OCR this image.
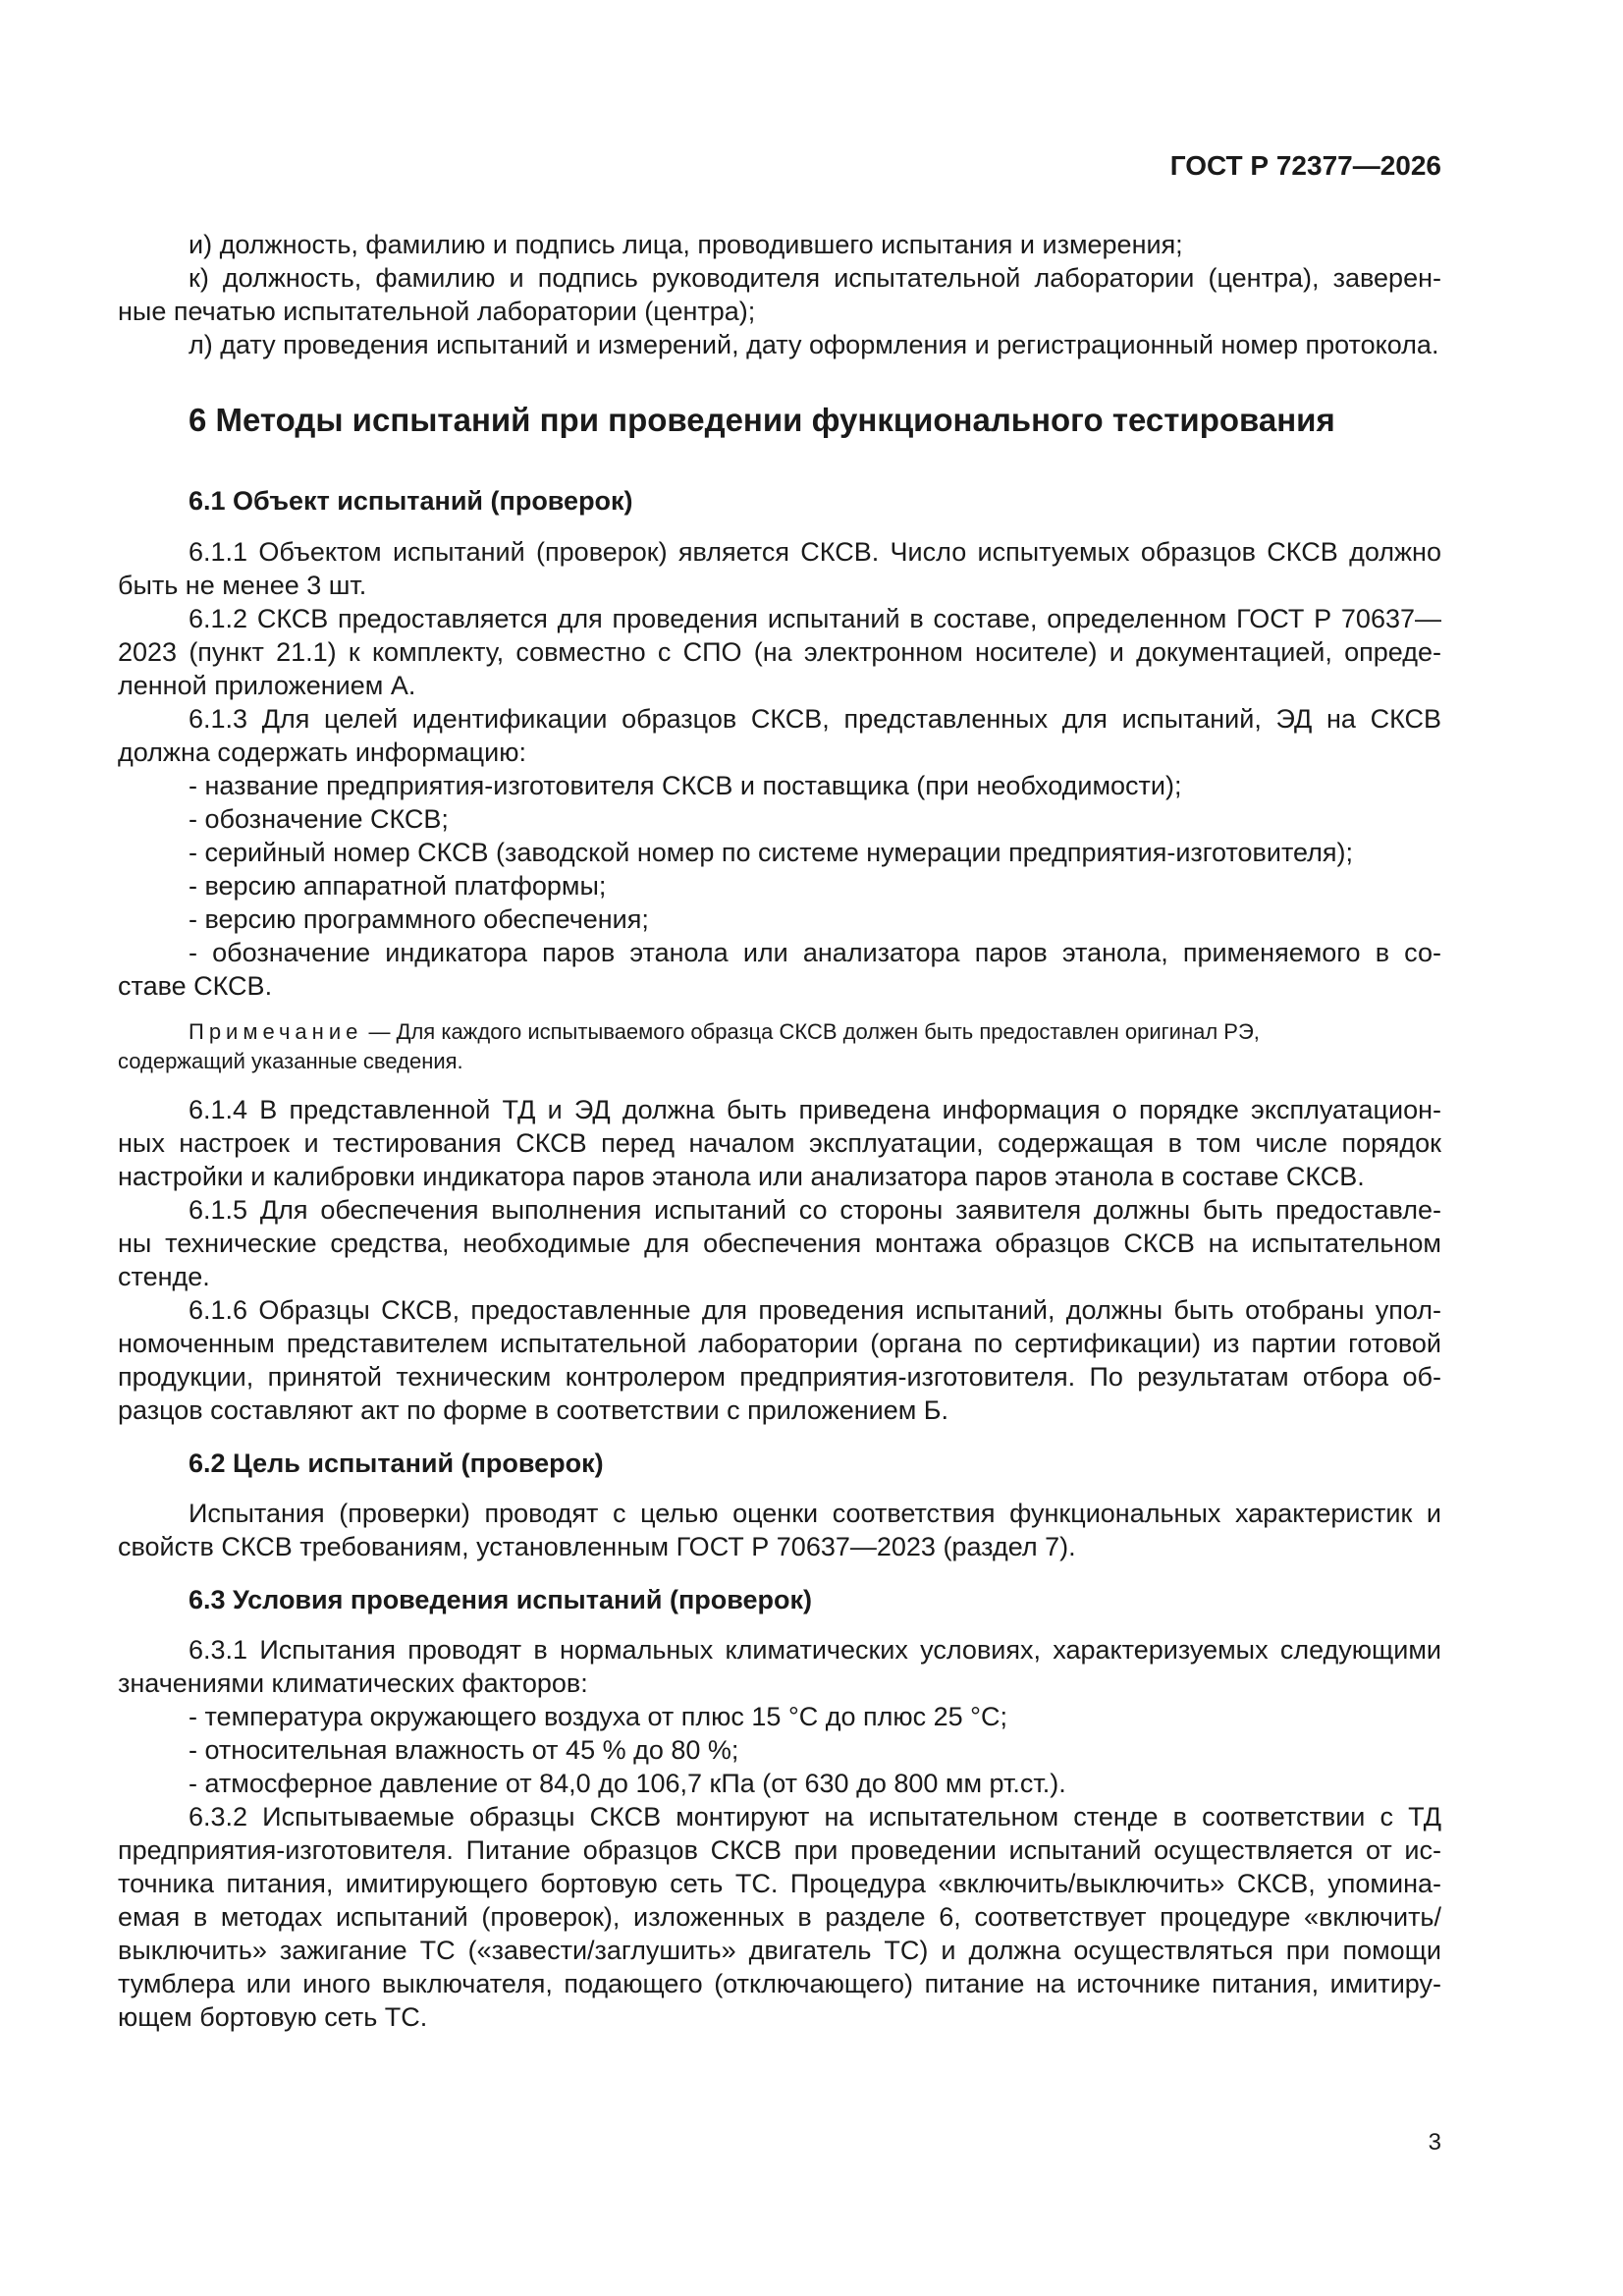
ГОСТ Р 72377—2026
и) должность, фамилию и подпись лица, проводившего испытания и измерения;
к) должность, фамилию и подпись руководителя испытательной лаборатории (центра), заверен-
ные печатью испытательной лаборатории (центра);
л) дату проведения испытаний и измерений, дату оформления и регистрационный номер протокола.
6 Методы испытаний при проведении функционального тестирования
6.1 Объект испытаний (проверок)
6.1.1 Объектом испытаний (проверок) является СКСВ. Число испытуемых образцов СКСВ должно
быть не менее 3 шт.
6.1.2 СКСВ предоставляется для проведения испытаний в составе, определенном ГОСТ Р 70637—
2023 (пункт 21.1) к комплекту, совместно с СПО (на электронном носителе) и документацией, опреде-
ленной приложением А.
6.1.3 Для целей идентификации образцов СКСВ, представленных для испытаний, ЭД на СКСВ
должна содержать информацию:
- название предприятия-изготовителя СКСВ и поставщика (при необходимости);
- обозначение СКСВ;
- серийный номер СКСВ (заводской номер по системе нумерации предприятия-изготовителя);
- версию аппаратной платформы;
- версию программного обеспечения;
- обозначение индикатора паров этанола или анализатора паров этанола, применяемого в со-
ставе СКСВ.
Примечание — Для каждого испытываемого образца СКСВ должен быть предоставлен оригинал РЭ,
содержащий указанные сведения.
6.1.4 В представленной ТД и ЭД должна быть приведена информация о порядке эксплуатацион-
ных настроек и тестирования СКСВ перед началом эксплуатации, содержащая в том числе порядок
настройки и калибровки индикатора паров этанола или анализатора паров этанола в составе СКСВ.
6.1.5 Для обеспечения выполнения испытаний со стороны заявителя должны быть предоставле-
ны технические средства, необходимые для обеспечения монтажа образцов СКСВ на испытательном
стенде.
6.1.6 Образцы СКСВ, предоставленные для проведения испытаний, должны быть отобраны упол-
номоченным представителем испытательной лаборатории (органа по сертификации) из партии готовой
продукции, принятой техническим контролером предприятия-изготовителя. По результатам отбора об-
разцов составляют акт по форме в соответствии с приложением Б.
6.2 Цель испытаний (проверок)
Испытания (проверки) проводят с целью оценки соответствия функциональных характеристик и
свойств СКСВ требованиям, установленным ГОСТ Р 70637—2023 (раздел 7).
6.3 Условия проведения испытаний (проверок)
6.3.1 Испытания проводят в нормальных климатических условиях, характеризуемых следующими
значениями климатических факторов:
- температура окружающего воздуха от плюс 15 °С до плюс 25 °С;
- относительная влажность от 45 % до 80 %;
- атмосферное давление от 84,0 до 106,7 кПа (от 630 до 800 мм рт.ст.).
6.3.2 Испытываемые образцы СКСВ монтируют на испытательном стенде в соответствии с ТД
предприятия-изготовителя. Питание образцов СКСВ при проведении испытаний осуществляется от ис-
точника питания, имитирующего бортовую сеть ТС. Процедура «включить/выключить» СКСВ, упомина-
емая в методах испытаний (проверок), изложенных в разделе 6, соответствует процедуре «включить/
выключить» зажигание ТС («завести/заглушить» двигатель ТС) и должна осуществляться при помощи
тумблера или иного выключателя, подающего (отключающего) питание на источнике питания, имитиру-
ющем бортовую сеть ТС.
3
